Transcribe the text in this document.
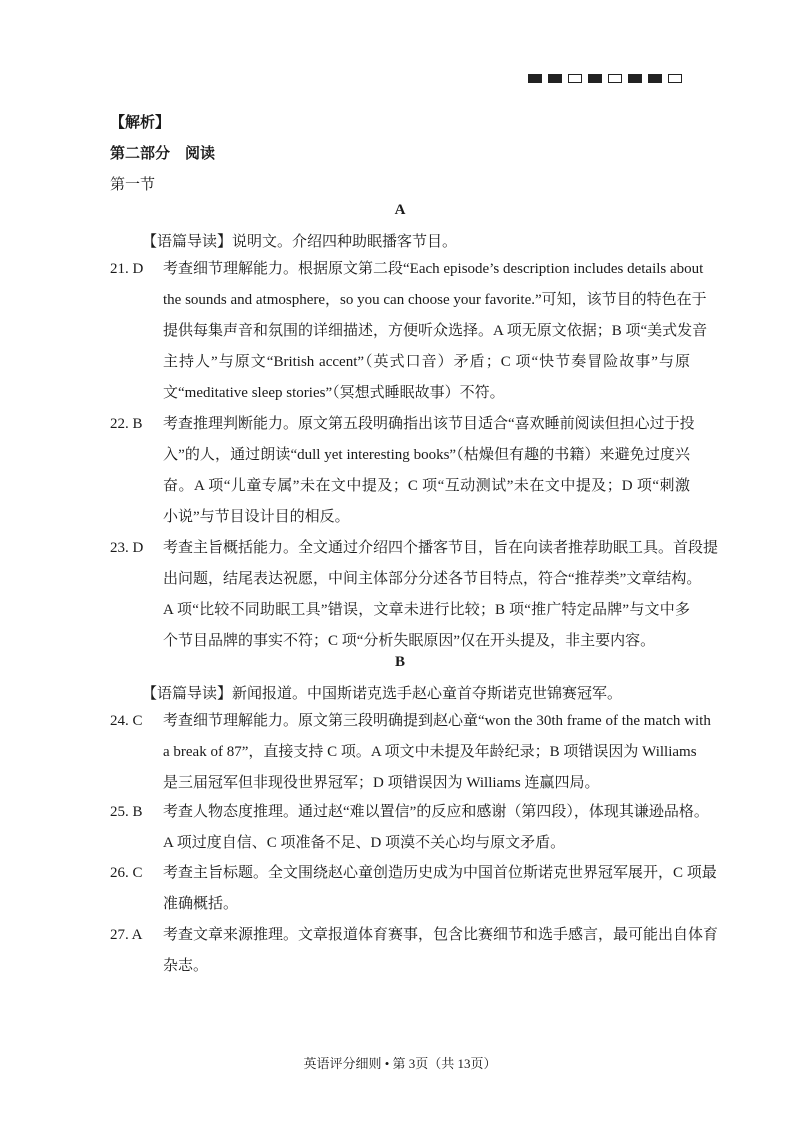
【解析】
第二部分　阅读
第一节
A
【语篇导读】说明文。介绍四种助眠播客节目。
21. D 考查细节理解能力。根据原文第二段“Each episode’s description includes details about
the sounds and atmosphere，so you can choose your favorite.”可知，该节目的特色在于
提供每集声音和氛围的详细描述，方便听众选择。A 项无原文依据；B 项“美式发音
主持人”与原文“British accent”（英式口音）矛盾；C 项“快节奏冒险故事”与原
文“meditative sleep stories”（冥想式睡眠故事）不符。
22. B 考查推理判断能力。原文第五段明确指出该节目适合“喜欢睡前阅读但担心过于投
入”的人，通过朗读“dull yet interesting books”（枯燥但有趣的书籍）来避免过度兴
奋。A 项“儿童专属”未在文中提及；C 项“互动测试”未在文中提及；D 项“刺激
小说”与节目设计目的相反。
23. D 考查主旨概括能力。全文通过介绍四个播客节目，旨在向读者推荐助眠工具。首段提
出问题，结尾表达祝愿，中间主体部分分述各节目特点，符合“推荐类”文章结构。
A 项“比较不同助眠工具”错误，文章未进行比较；B 项“推广特定品牌”与文中多
个节目品牌的事实不符；C 项“分析失眠原因”仅在开头提及，非主要内容。
B
【语篇导读】新闻报道。中国斯诺克选手赵心童首夺斯诺克世锦赛冠军。
24. C 考查细节理解能力。原文第三段明确提到赵心童“won the 30th frame of the match with
a break of 87”，直接支持 C 项。A 项文中未提及年龄纪录；B 项错误因为 Williams
是三届冠军但非现役世界冠军；D 项错误因为 Williams 连赢四局。
25. B 考查人物态度推理。通过赵“难以置信”的反应和感谢（第四段），体现其谦逊品格。
A 项过度自信、C 项准备不足、D 项漠不关心均与原文矛盾。
26. C 考查主旨标题。全文围绕赵心童创造历史成为中国首位斯诺克世界冠军展开，C 项最
准确概括。
27. A 考查文章来源推理。文章报道体育赛事，包含比赛细节和选手感言，最可能出自体育
杂志。
英语评分细则 • 第 3页（共 13页）
